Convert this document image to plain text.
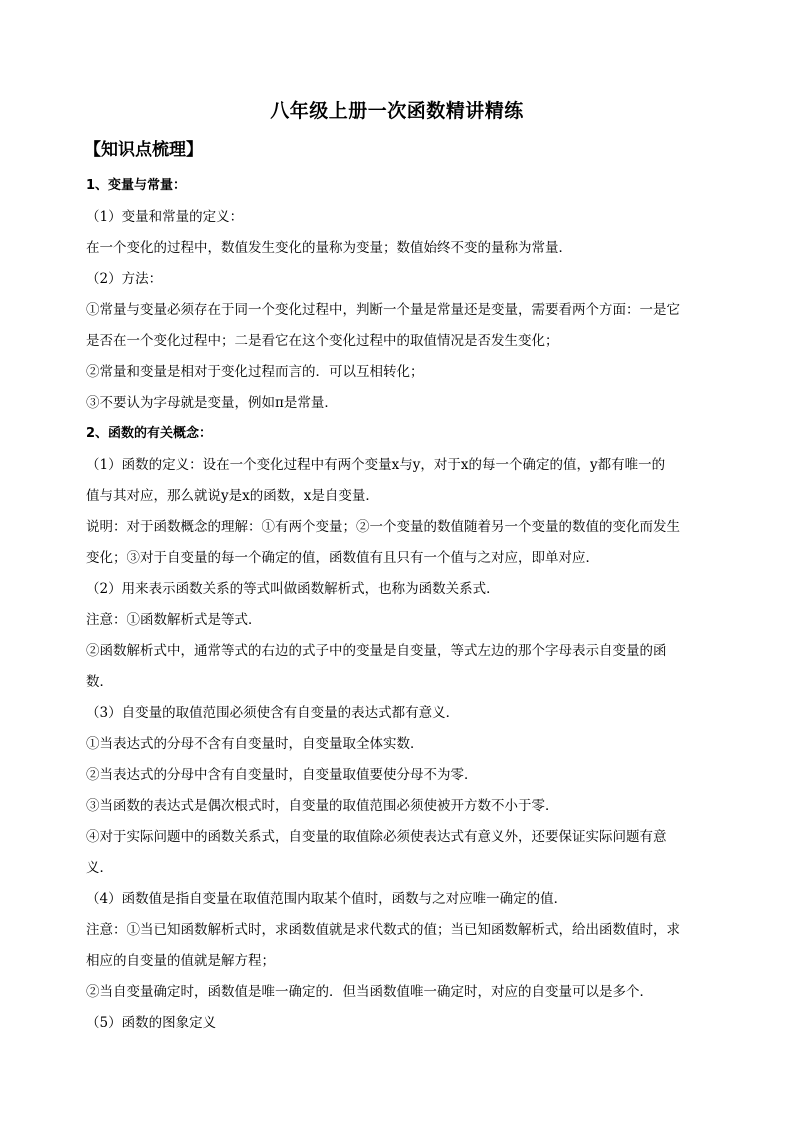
八年级上册一次函数精讲精练
【知识点梳理】
1、变量与常量：
（1）变量和常量的定义：
在一个变化的过程中，数值发生变化的量称为变量；数值始终不变的量称为常量．
（2）方法：
①常量与变量必须存在于同一个变化过程中，判断一个量是常量还是变量，需要看两个方面：一是它
是否在一个变化过程中；二是看它在这个变化过程中的取值情况是否发生变化；
②常量和变量是相对于变化过程而言的．可以互相转化；
③不要认为字母就是变量，例如π是常量．
2、函数的有关概念：
（1）函数的定义：设在一个变化过程中有两个变量x与y，对于x的每一个确定的值，y都有唯一的
值与其对应，那么就说y是x的函数，x是自变量．
说明：对于函数概念的理解：①有两个变量；②一个变量的数值随着另一个变量的数值的变化而发生
变化；③对于自变量的每一个确定的值，函数值有且只有一个值与之对应，即单对应．
（2）用来表示函数关系的等式叫做函数解析式，也称为函数关系式．
注意：①函数解析式是等式．
②函数解析式中，通常等式的右边的式子中的变量是自变量，等式左边的那个字母表示自变量的函
数．
（3）自变量的取值范围必须使含有自变量的表达式都有意义．
①当表达式的分母不含有自变量时，自变量取全体实数．
②当表达式的分母中含有自变量时，自变量取值要使分母不为零．
③当函数的表达式是偶次根式时，自变量的取值范围必须使被开方数不小于零．
④对于实际问题中的函数关系式，自变量的取值除必须使表达式有意义外，还要保证实际问题有意
义．
（4）函数值是指自变量在取值范围内取某个值时，函数与之对应唯一确定的值．
注意：①当已知函数解析式时，求函数值就是求代数式的值；当已知函数解析式，给出函数值时，求
相应的自变量的值就是解方程；
②当自变量确定时，函数值是唯一确定的．但当函数值唯一确定时，对应的自变量可以是多个．
（5）函数的图象定义
